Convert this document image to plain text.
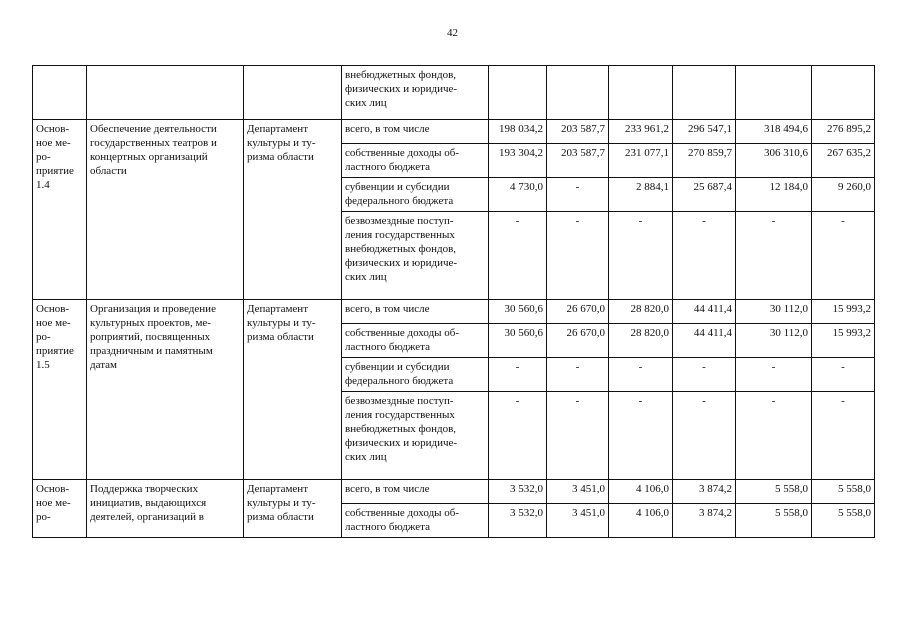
42

			внебюджетных фондов,
физических и юридиче-
ских лиц						

Основ-
ное ме-
ро-
приятие
1.4	Обеспечение деятельности
государственных театров и
концертных организаций
области	Департамент
культуры и ту-
ризма области	всего, в том числе	198 034,2	203 587,7	233 961,2	296 547,1	318 494,6	276 895,2

			собственные доходы об-
ластного бюджета	193 304,2	203 587,7	231 077,1	270 859,7	306 310,6	267 635,2

			субвенции и субсидии
федерального бюджета	4 730,0	-	2 884,1	25 687,4	12 184,0	9 260,0

			безвозмездные поступ-
ления государственных
внебюджетных фондов,
физических и юридиче-
ских лиц	-	-	-	-	-	-

Основ-
ное ме-
ро-
приятие
1.5	Организация и проведение
культурных проектов, ме-
роприятий, посвященных
праздничным и памятным
датам	Департамент
культуры и ту-
ризма области	всего, в том числе	30 560,6	26 670,0	28 820,0	44 411,4	30 112,0	15 993,2

			собственные доходы об-
ластного бюджета	30 560,6	26 670,0	28 820,0	44 411,4	30 112,0	15 993,2

			субвенции и субсидии
федерального бюджета	-	-	-	-	-	-

			безвозмездные поступ-
ления государственных
внебюджетных фондов,
физических и юридиче-
ских лиц	-	-	-	-	-	-

Основ-
ное ме-
ро-	Поддержка творческих
инициатив, выдающихся
деятелей, организаций в	Департамент
культуры и ту-
ризма области	всего, в том числе	3 532,0	3 451,0	4 106,0	3 874,2	5 558,0	5 558,0

			собственные доходы об-
ластного бюджета	3 532,0	3 451,0	4 106,0	3 874,2	5 558,0	5 558,0
